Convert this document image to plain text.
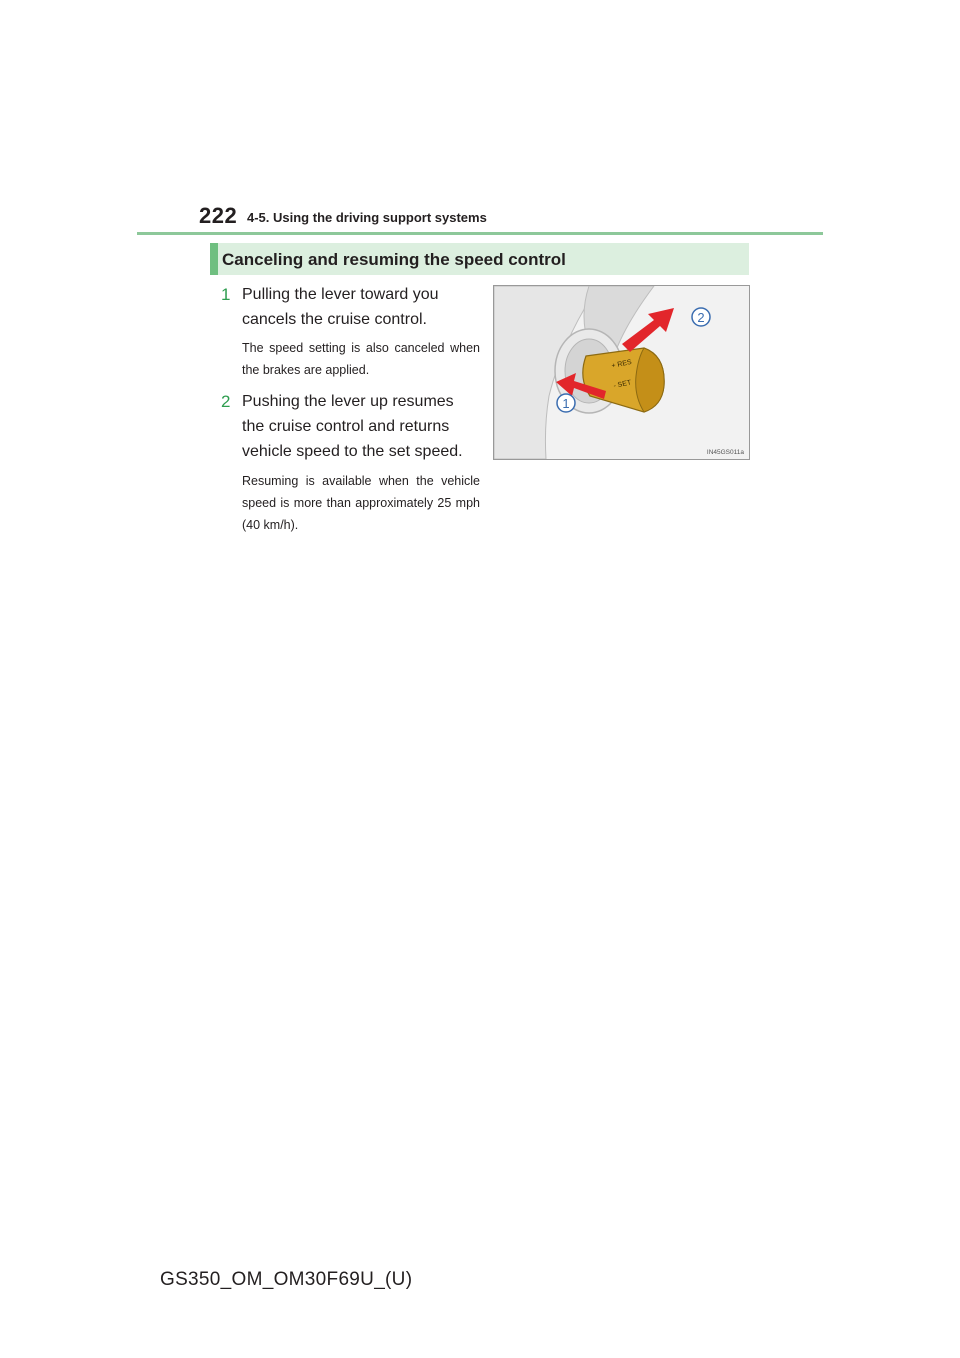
222 4-5. Using the driving support systems
Canceling and resuming the speed control
1 Pulling the lever toward you cancels the cruise control.
The speed setting is also canceled when the brakes are applied.
2 Pushing the lever up resumes the cruise control and returns vehicle speed to the set speed.
Resuming is available when the vehicle speed is more than approximately 25 mph (40 km/h).
+ RES
- SET
2
1
IN45GS011a
GS350_OM_OM30F69U_(U)
